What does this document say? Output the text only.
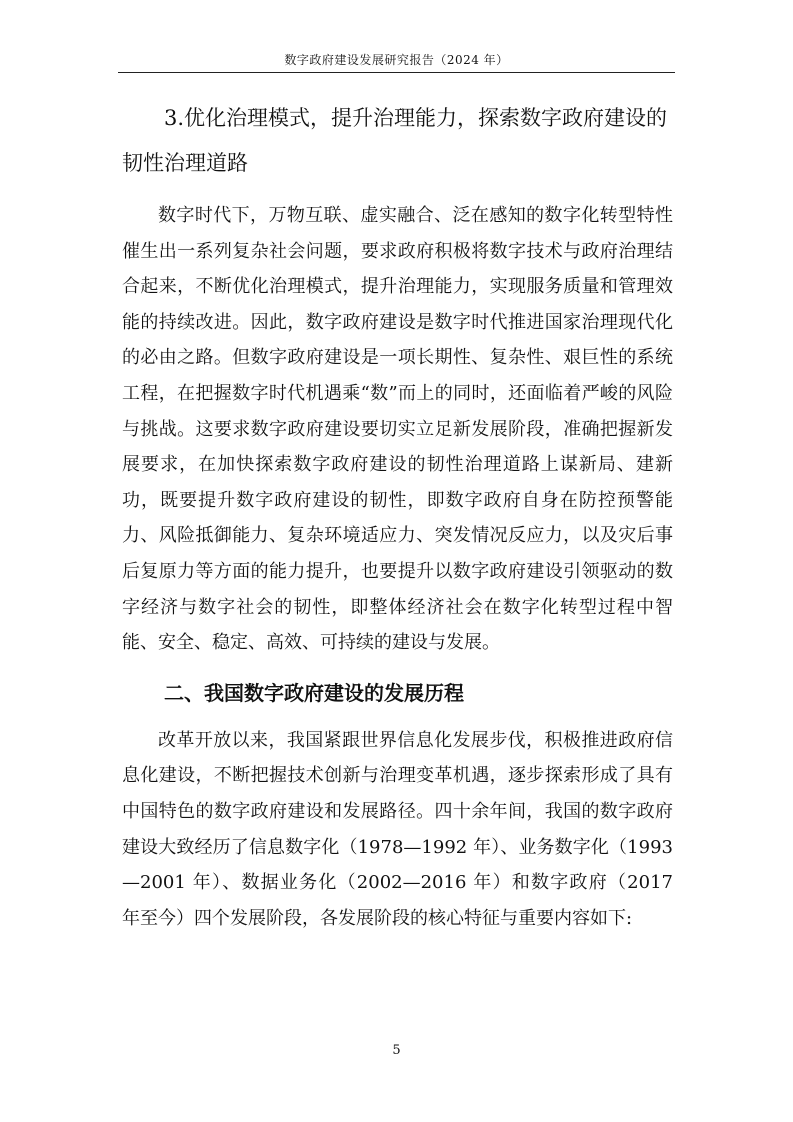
数字政府建设发展研究报告（2024 年）
3.优化治理模式，提升治理能力，探索数字政府建设的韧性治理道路

数字时代下，万物互联、虚实融合、泛在感知的数字化转型特性催生出一系列复杂社会问题，要求政府积极将数字技术与政府治理结合起来，不断优化治理模式，提升治理能力，实现服务质量和管理效能的持续改进。因此，数字政府建设是数字时代推进国家治理现代化的必由之路。但数字政府建设是一项长期性、复杂性、艰巨性的系统工程，在把握数字时代机遇乘“数”而上的同时，还面临着严峻的风险与挑战。这要求数字政府建设要切实立足新发展阶段，准确把握新发展要求，在加快探索数字政府建设的韧性治理道路上谋新局、建新功，既要提升数字政府建设的韧性，即数字政府自身在防控预警能力、风险抵御能力、复杂环境适应力、突发情况反应力，以及灾后事后复原力等方面的能力提升，也要提升以数字政府建设引领驱动的数字经济与数字社会的韧性，即整体经济社会在数字化转型过程中智能、安全、稳定、高效、可持续的建设与发展。

二、我国数字政府建设的发展历程

改革开放以来，我国紧跟世界信息化发展步伐，积极推进政府信息化建设，不断把握技术创新与治理变革机遇，逐步探索形成了具有中国特色的数字政府建设和发展路径。四十余年间，我国的数字政府建设大致经历了信息数字化（1978—1992 年）、业务数字化（1993—2001 年）、数据业务化（2002—2016 年）和数字政府（2017 年至今）四个发展阶段，各发展阶段的核心特征与重要内容如下:

5
